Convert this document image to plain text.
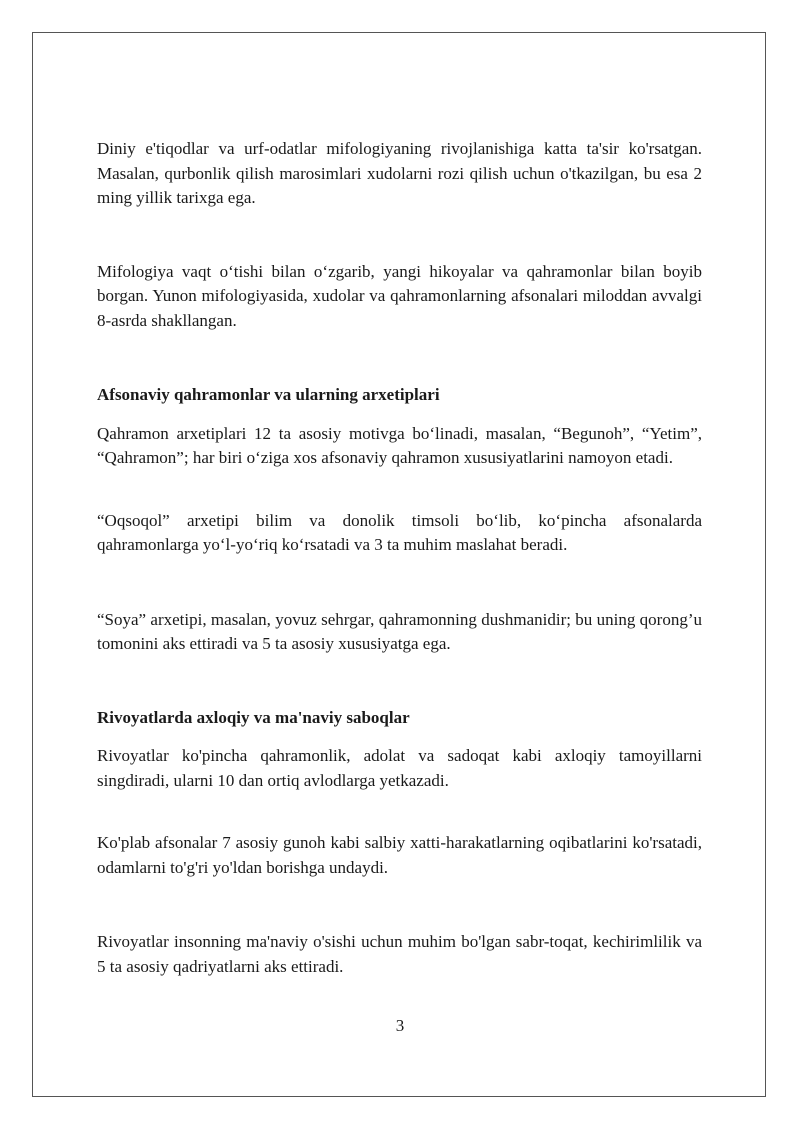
Diniy e'tiqodlar va urf-odatlar mifologiyaning rivojlanishiga katta ta'sir ko'rsatgan. Masalan, qurbonlik qilish marosimlari xudolarni rozi qilish uchun o'tkazilgan, bu esa 2 ming yillik tarixga ega.

Mifologiya vaqt o‘tishi bilan o‘zgarib, yangi hikoyalar va qahramonlar bilan boyib borgan. Yunon mifologiyasida, xudolar va qahramonlarning afsonalari miloddan avvalgi 8-asrda shakllangan.

Afsonaviy qahramonlar va ularning arxetiplari

Qahramon arxetiplari 12 ta asosiy motivga bo‘linadi, masalan, “Begunoh”, “Yetim”, “Qahramon”; har biri o‘ziga xos afsonaviy qahramon xususiyatlarini namoyon etadi.

“Oqsoqol” arxetipi bilim va donolik timsoli bo‘lib, ko‘pincha afsonalarda qahramonlarga yo‘l-yo‘riq ko‘rsatadi va 3 ta muhim maslahat beradi.

“Soya” arxetipi, masalan, yovuz sehrgar, qahramonning dushmanidir; bu uning qorong’u tomonini aks ettiradi va 5 ta asosiy xususiyatga ega.

Rivoyatlarda axloqiy va ma'naviy saboqlar

Rivoyatlar ko'pincha qahramonlik, adolat va sadoqat kabi axloqiy tamoyillarni singdiradi, ularni 10 dan ortiq avlodlarga yetkazadi.

Ko'plab afsonalar 7 asosiy gunoh kabi salbiy xatti-harakatlarning oqibatlarini ko'rsatadi, odamlarni to'g'ri yo'ldan borishga undaydi.

Rivoyatlar insonning ma'naviy o'sishi uchun muhim bo'lgan sabr-toqat, kechirimlilik va 5 ta asosiy qadriyatlarni aks ettiradi.

3
